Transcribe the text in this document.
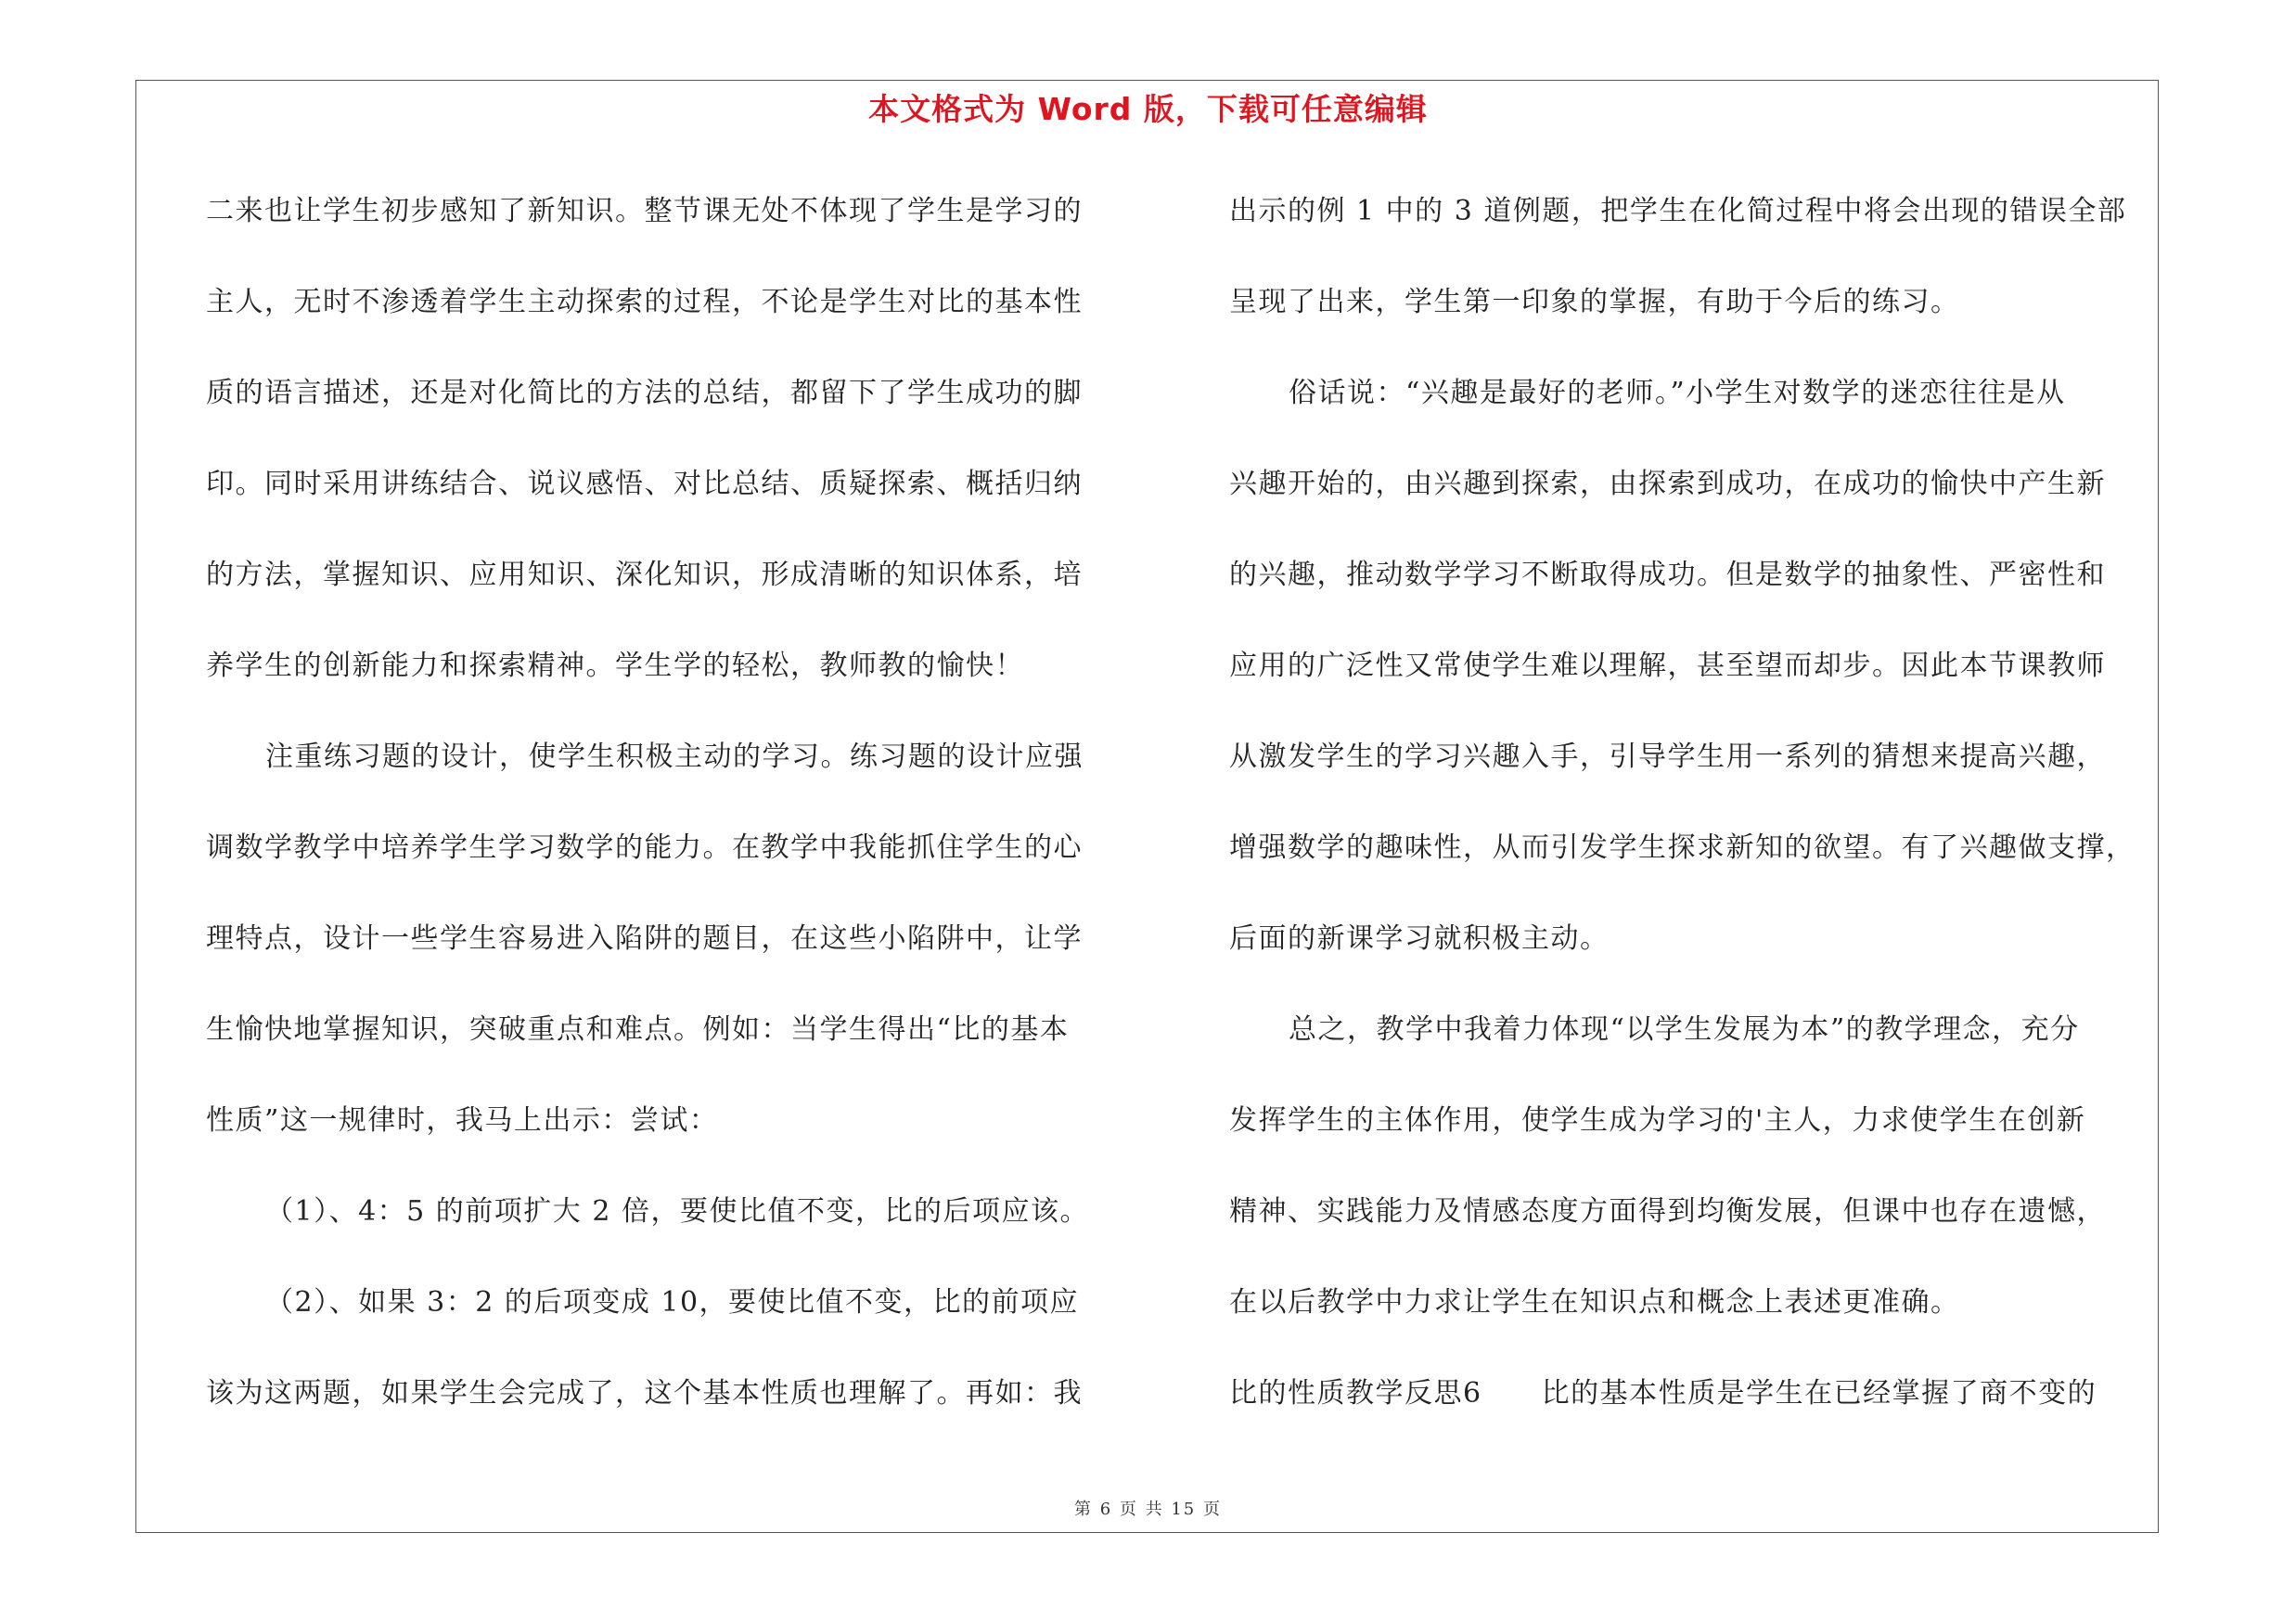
本文格式为 Word 版，下载可任意编辑
二来也让学生初步感知了新知识。整节课无处不体现了学生是学习的
主人，无时不渗透着学生主动探索的过程，不论是学生对比的基本性
质的语言描述，还是对化简比的方法的总结，都留下了学生成功的脚
印。同时采用讲练结合、说议感悟、对比总结、质疑探索、概括归纳
的方法，掌握知识、应用知识、深化知识，形成清晰的知识体系，培
养学生的创新能力和探索精神。学生学的轻松，教师教的愉快！
注重练习题的设计，使学生积极主动的学习。练习题的设计应强
调数学教学中培养学生学习数学的能力。在教学中我能抓住学生的心
理特点，设计一些学生容易进入陷阱的题目，在这些小陷阱中，让学
生愉快地掌握知识，突破重点和难点。例如：当学生得出“比的基本
性质”这一规律时，我马上出示：尝试：
（1）、4：5 的前项扩大 2 倍，要使比值不变，比的后项应该。
（2）、如果 3：2 的后项变成 10，要使比值不变，比的前项应
该为这两题，如果学生会完成了，这个基本性质也理解了。再如：我
出示的例 1 中的 3 道例题，把学生在化简过程中将会出现的错误全部
呈现了出来，学生第一印象的掌握，有助于今后的练习。
俗话说：“兴趣是最好的老师。”小学生对数学的迷恋往往是从
兴趣开始的，由兴趣到探索，由探索到成功，在成功的愉快中产生新
的兴趣，推动数学学习不断取得成功。但是数学的抽象性、严密性和
应用的广泛性又常使学生难以理解，甚至望而却步。因此本节课教师
从激发学生的学习兴趣入手，引导学生用一系列的猜想来提高兴趣，
增强数学的趣味性，从而引发学生探求新知的欲望。有了兴趣做支撑，
后面的新课学习就积极主动。
总之，教学中我着力体现“以学生发展为本”的教学理念，充分
发挥学生的主体作用，使学生成为学习的'主人，力求使学生在创新
精神、实践能力及情感态度方面得到均衡发展，但课中也存在遗憾，
在以后教学中力求让学生在知识点和概念上表述更准确。
比的性质教学反思6 比的基本性质是学生在已经掌握了商不变的
第 6 页 共 15 页
